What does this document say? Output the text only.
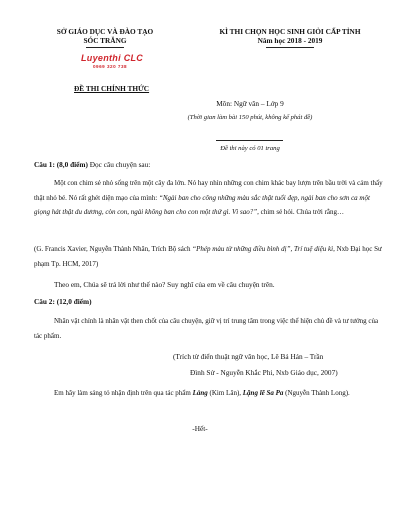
SỞ GIÁO DỤC VÀ ĐÀO TẠO
SÓC TRĂNG
KÌ THI CHỌN HỌC SINH GIỎI CẤP TỈNH
Năm học 2018 - 2019
Luyenthi CLC
0969 320 738
ĐỀ THI CHÍNH THỨC
Môn: Ngữ văn – Lớp 9
(Thời gian làm bài 150 phút, không kể phát đề)
Đề thi này có 01 trang
Câu 1: (8,0 điểm) Đọc câu chuyện sau:
Một con chim sẻ nhỏ sống trên một cây đa lớn. Nó hay nhìn những con chim khác bay lượn trên bầu trời và cảm thấy thật nhỏ bé. Nó rất ghét diện mạo của mình: “Ngài ban cho công những màu sắc thật tuổi đẹp, ngài ban cho sơn ca một giọng hát thật du dương, còn con, ngài không ban cho con một thứ gì. Vì sao?”, chim sẻ hỏi. Chúa trời rằng…
(G. Francis Xavier, Nguyễn Thành Nhân, Trích Bộ sách “Phép màu từ những điều bình dị”, Trí tuệ diệu kì, Nxb Đại học Sư phạm Tp. HCM, 2017)
Theo em, Chúa sẽ trả lời như thế nào? Suy nghĩ của em về câu chuyện trên.
Câu 2: (12,0 điểm)
Nhân vật chính là nhân vật then chốt của câu chuyện, giữ vị trí trung tâm trong việc thể hiện chủ đề và tư tưởng của tác phẩm.
(Trích từ điển thuật ngữ văn học, Lê Bá Hán – Trần
Đình Sử - Nguyễn Khắc Phi, Nxb Giáo dục, 2007)
Em hãy làm sáng tỏ nhận định trên qua tác phẩm Làng (Kim Lân), Lặng lẽ Sa Pa (Nguyễn Thành Long).
-Hết-
